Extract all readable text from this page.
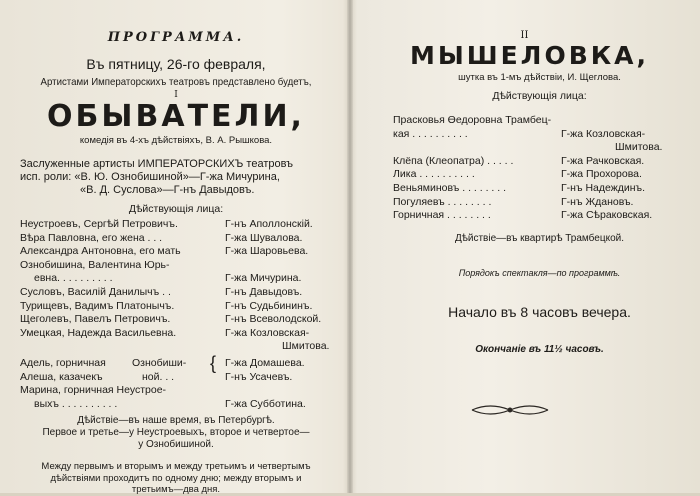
ПРОГРАММА.
Въ пятницу, 26-го февраля,
Артистами Императорскихъ театровъ представлено будетъ,
I
ОБЫВАТЕЛИ,
комедія въ 4-хъ дѣйствіяхъ, В. А. Рышкова.
Заслуженные артисты ИМПЕРАТОРСКИХЪ театровъ
исп. роли: «В. Ю. Ознобишиной»—Г-жа Мичурина,
«В. Д. Суслова»—Г-нъ Давыдовъ.
Дѣйствующія лица:
Неустроевъ, Сергѣй Петровичъ.	Г-нъ Аполлонскій.
Вѣра Павловна, его жена . . .	Г-жа Шувалова.
Александра Антоновна, его мать	Г-жа Шаровьева.
Ознобишина, Валентина Юрь-
евна. . . . . . . . . .	Г-жа Мичурина.
Сусловъ, Василій Данилычъ . .	Г-нъ Давыдовъ.
Турищевъ, Вадимъ Платонычъ.	Г-нъ Судьбининъ.
Щеголевъ, Павелъ Петровичъ.	Г-нъ Всеволодской.
Умецкая, Надежда Васильевна.	Г-жа Козловская-
Шмитова.
Адель, горничная Ознобиши- { Г-жа Домашева.
Алеша, казачекъ	ной. . .	Г-нъ Усачевъ.
Марина, горничная Неустрое-
выхъ . . . . . . . . . .	Г-жа Субботина.
Дѣйствіе—въ наше время, въ Петербургѣ.
Первое и третье—у Неустроевыхъ, второе и четвертое—
у Ознобишиной.
Между первымъ и вторымъ и между третьимъ и четвертымъ
дѣйствіями проходитъ по одному дню; между вторымъ и
третьимъ—два дня.
II
МЫШЕЛОВКА,
шутка въ 1-мъ дѣйствіи, И. Щеглова.
Дѣйствующія лица:
Прасковья Өедоровна Трамбец-
кая . . . . . . . . . .	Г-жа Козловская-
Шмитова.
Клёпа (Клеопатра) . . . . .	Г-жа Рачковская.
Лика . . . . . . . . . .	Г-жа Прохорова.
Веньяминовъ . . . . . . . .	Г-нъ Надеждинъ.
Погуляевъ . . . . . . . .	Г-нъ Ждановъ.
Горничная . . . . . . . .	Г-жа Сѣраковская.
Дѣйствіе—въ квартирѣ Трамбецкой.
Порядокъ спектакля—по программѣ.
Начало въ 8 часовъ вечера.
Окончаніе въ 11½ часовъ.
